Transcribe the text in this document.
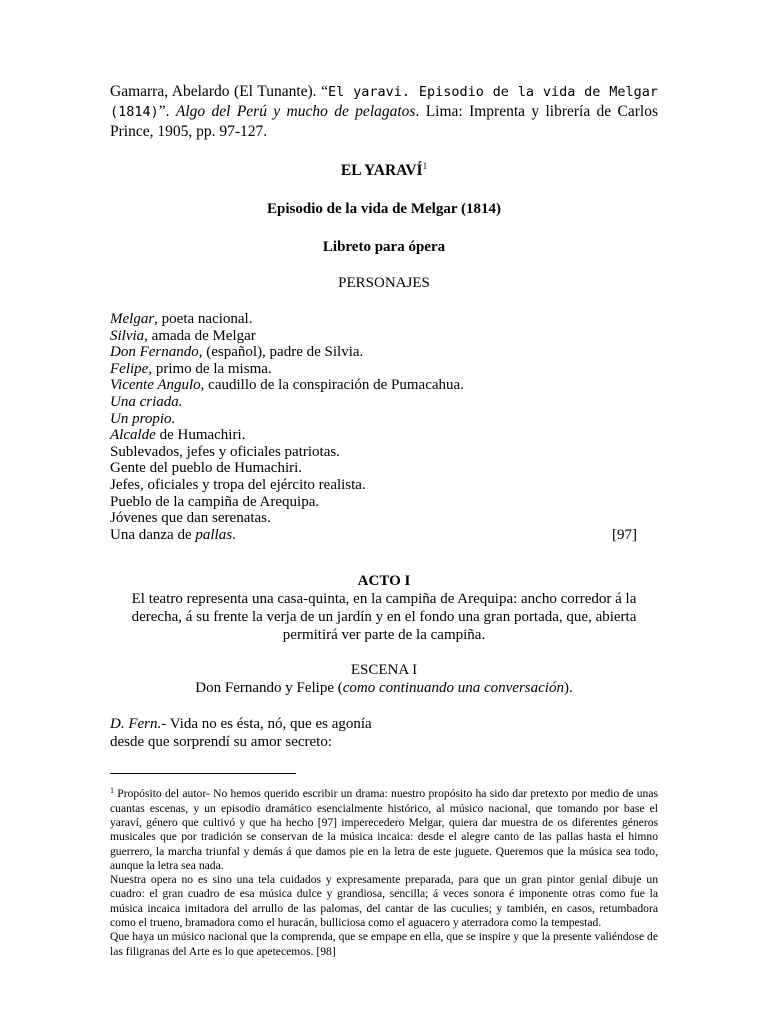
Gamarra, Abelardo (El Tunante). “El yaravi. Episodio de la vida de Melgar (1814)”. Algo del Perú y mucho de pelagatos. Lima: Imprenta y librería de Carlos Prince, 1905, pp. 97-127.
EL YARAVÍ$^1$
Episodio de la vida de Melgar (1814)
Libreto para ópera
PERSONAJES
Melgar, poeta nacional.
Silvia, amada de Melgar
Don Fernando, (español), padre de Silvia.
Felipe, primo de la misma.
Vicente Angulo, caudillo de la conspiración de Pumacahua.
Una criada.
Un propio.
Alcalde de Humachiri.
Sublevados, jefes y oficiales patriotas.
Gente del pueblo de Humachiri.
Jefes, oficiales y tropa del ejército realista.
Pueblo de la campiña de Arequipa.
Jóvenes que dan serenatas.
Una danza de pallas.	[97]
ACTO I
El teatro representa una casa-quinta, en la campiña de Arequipa: ancho corredor á la derecha, á su frente la verja de un jardín y en el fondo una gran portada, que, abierta permitirá ver parte de la campiña.
ESCENA I
Don Fernando y Felipe (como continuando una conversación).
D. Fern.- Vida no es ésta, nó, que es agonía
desde que sorprendí su amor secreto:

$^1$ Propósito del autor- No hemos querido escribir un drama: nuestro propósito ha sido dar pretexto por medio de unas cuantas escenas, y un episodio dramático esencialmente histórico, al músico nacional, que tomando por base el yaraví, género que cultivó y que ha hecho [97] imperecedero Melgar, quiera dar muestra de os diferentes géneros musicales que por tradición se conservan de la música incaica: desde el alegre canto de las pallas hasta el himno guerrero, la marcha triunfal y demás á que damos pie en la letra de este juguete. Queremos que la música sea todo, aunque la letra sea nada.

Nuestra opera no es sino una tela cuidados y expresamente preparada, para que un gran pintor genial dibuje un cuadro: el gran cuadro de esa música dulce y grandiosa, sencilla; á veces sonora é imponente otras como fue la música incaica imitadora del arrullo de las palomas, del cantar de las cuculies; y también, en casos, retumbadora como el trueno, bramadora como el huracán, bulliciosa como el aguacero y aterradora como la tempestad.

Que haya un músico nacional que la comprenda, que se empape en ella, que se inspire y que la presente valiéndose de las filigranas del Arte es lo que apetecemos. [98]
